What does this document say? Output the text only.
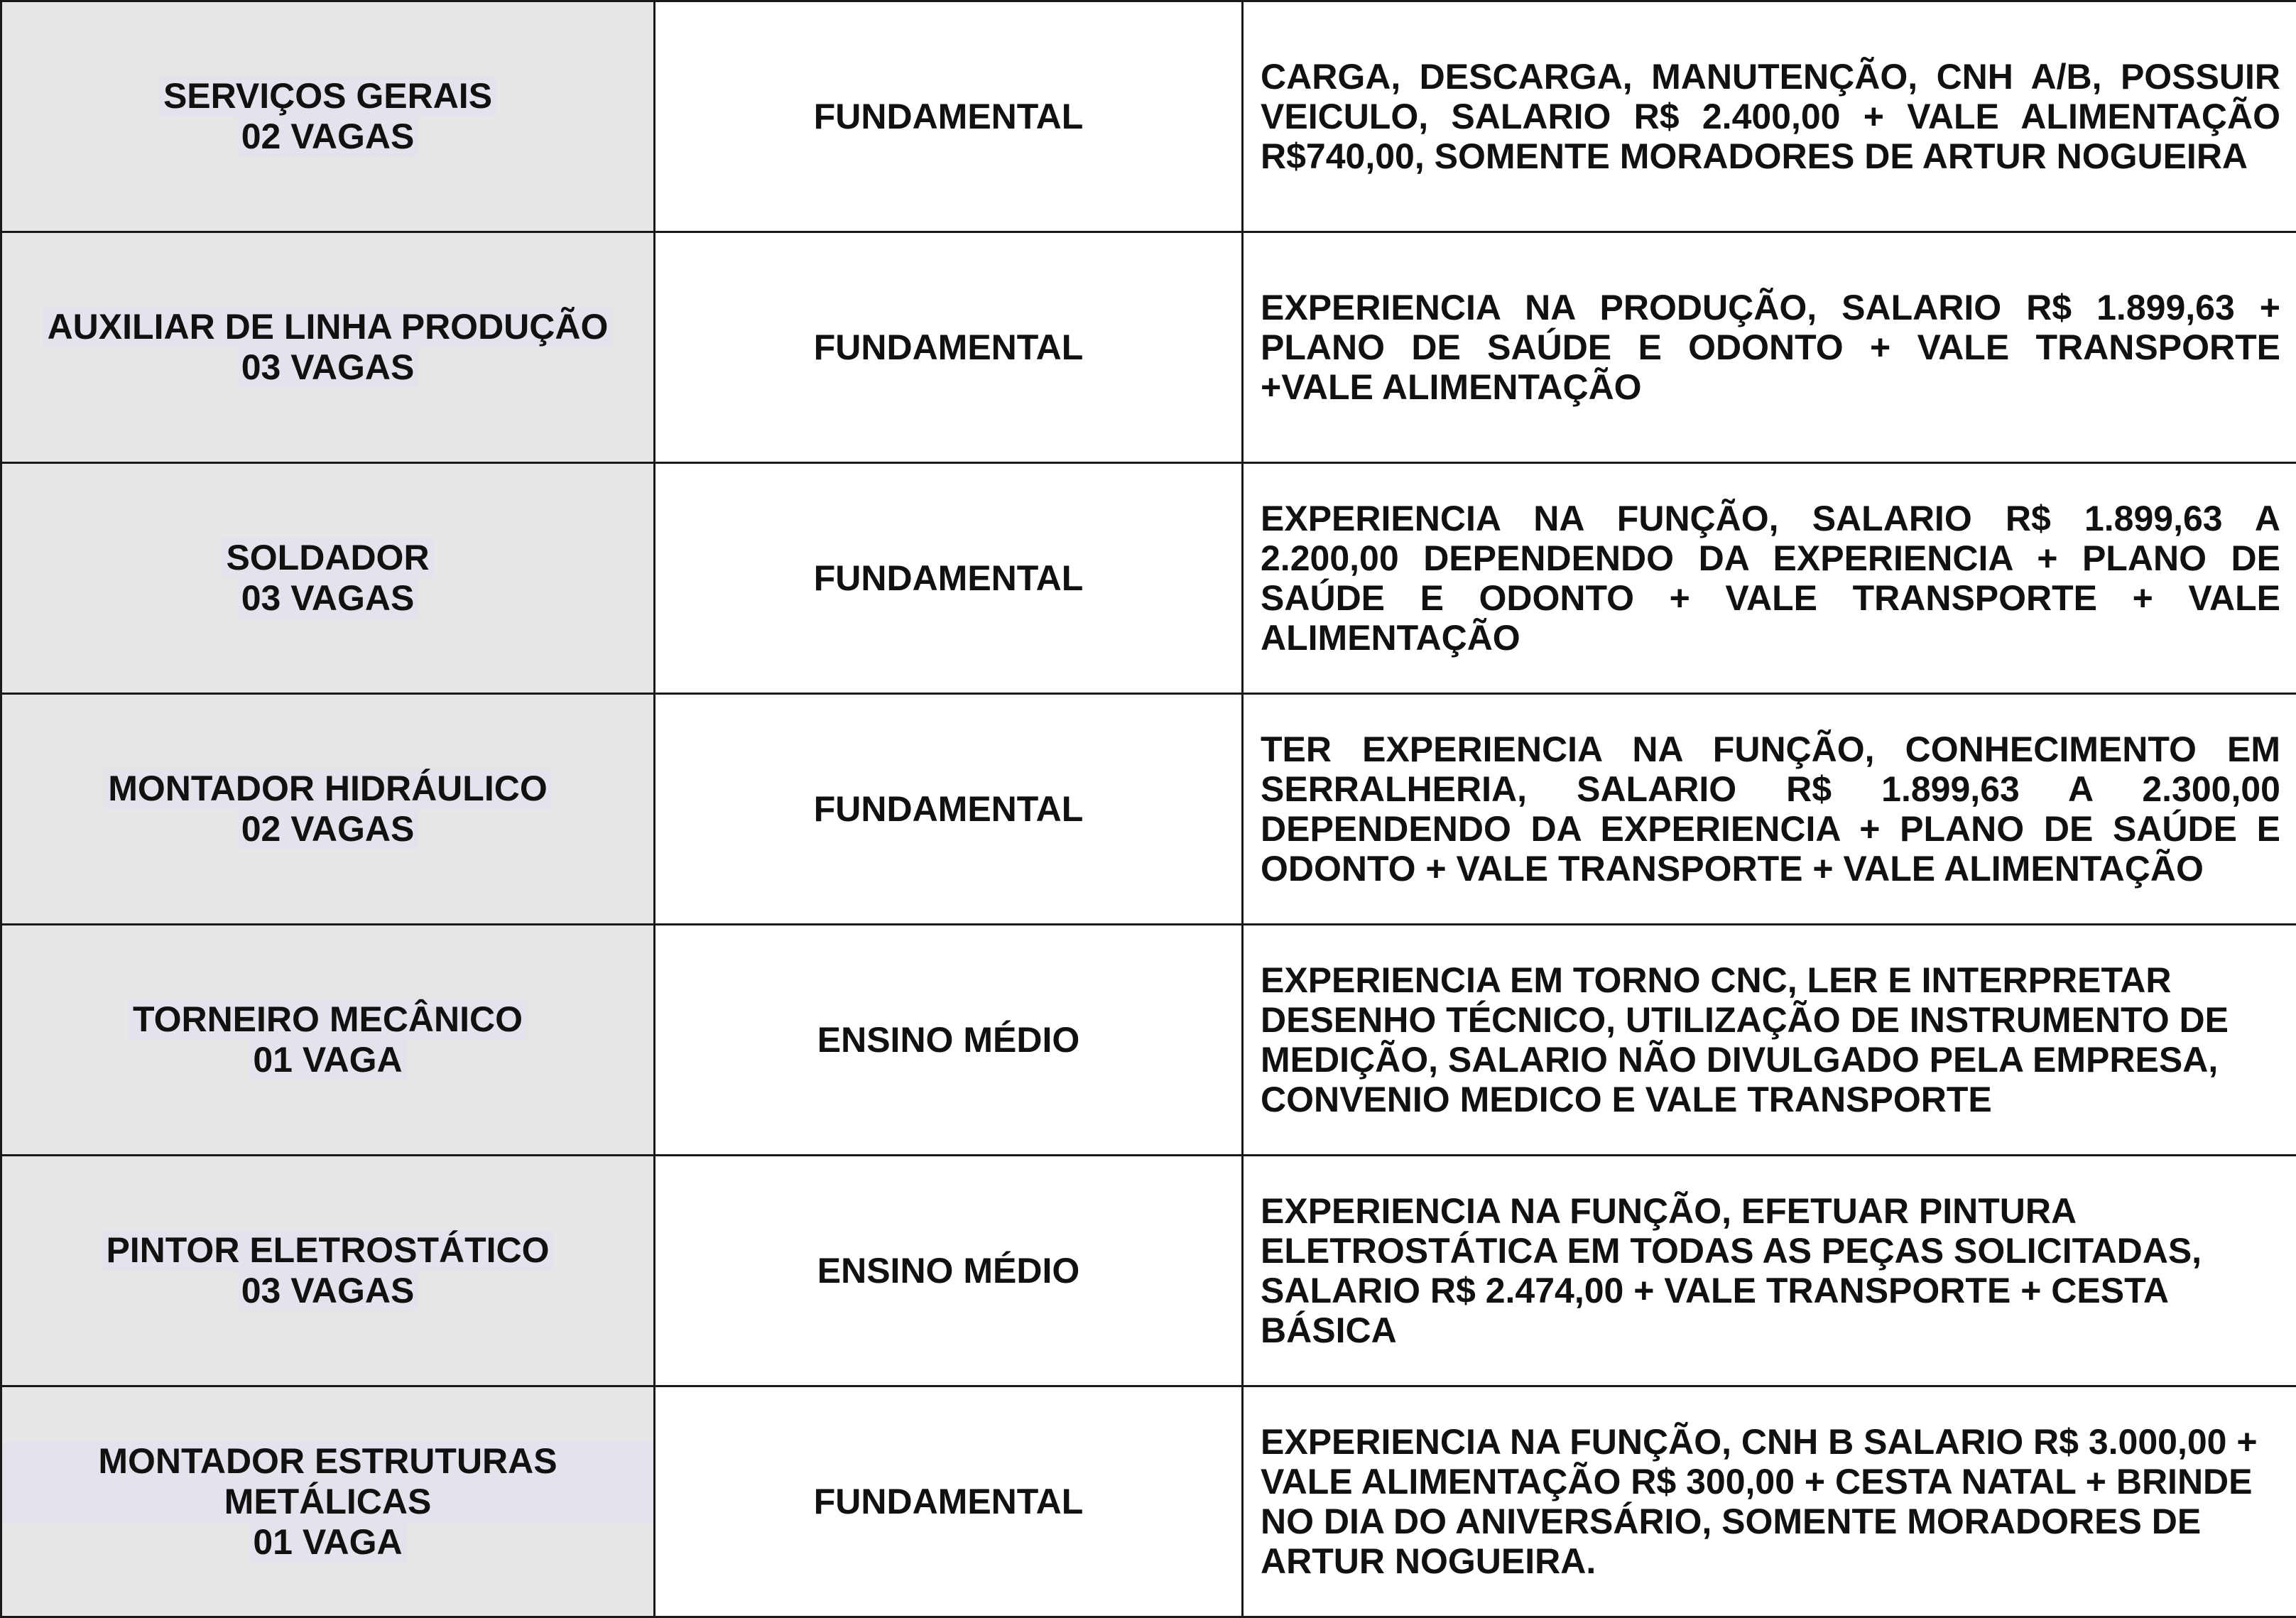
SERVIÇOS GERAIS
02 VAGAS	FUNDAMENTAL	CARGA, DESCARGA, MANUTENÇÃO, CNH A/B, POSSUIR VEICULO, SALARIO R$ 2.400,00 + VALE ALIMENTAÇÃO R$740,00, SOMENTE MORADORES DE ARTUR NOGUEIRA

AUXILIAR DE LINHA PRODUÇÃO
03 VAGAS	FUNDAMENTAL	EXPERIENCIA NA PRODUÇÃO, SALARIO R$ 1.899,63 + PLANO DE SAÚDE E ODONTO + VALE TRANSPORTE +VALE ALIMENTAÇÃO

SOLDADOR
03 VAGAS	FUNDAMENTAL	EXPERIENCIA NA FUNÇÃO, SALARIO R$ 1.899,63 A 2.200,00 DEPENDENDO DA EXPERIENCIA + PLANO DE SAÚDE E ODONTO + VALE TRANSPORTE + VALE ALIMENTAÇÃO

MONTADOR HIDRÁULICO
02 VAGAS	FUNDAMENTAL	TER EXPERIENCIA NA FUNÇÃO, CONHECIMENTO EM SERRALHERIA, SALARIO R$ 1.899,63 A 2.300,00 DEPENDENDO DA EXPERIENCIA + PLANO DE SAÚDE E ODONTO + VALE TRANSPORTE + VALE ALIMENTAÇÃO

TORNEIRO MECÂNICO
01 VAGA	ENSINO MÉDIO	EXPERIENCIA EM TORNO CNC, LER E INTERPRETAR DESENHO TÉCNICO, UTILIZAÇÃO DE INSTRUMENTO DE MEDIÇÃO, SALARIO NÃO DIVULGADO PELA EMPRESA, CONVENIO MEDICO E VALE TRANSPORTE

PINTOR ELETROSTÁTICO
03 VAGAS	ENSINO MÉDIO	EXPERIENCIA NA FUNÇÃO, EFETUAR PINTURA ELETROSTÁTICA EM TODAS AS PEÇAS SOLICITADAS, SALARIO R$ 2.474,00 + VALE TRANSPORTE + CESTA BÁSICA

MONTADOR ESTRUTURAS METÁLICAS
01 VAGA	FUNDAMENTAL	EXPERIENCIA NA FUNÇÃO, CNH B SALARIO R$ 3.000,00 + VALE ALIMENTAÇÃO R$ 300,00 + CESTA NATAL + BRINDE NO DIA DO ANIVERSÁRIO, SOMENTE MORADORES DE ARTUR NOGUEIRA.
